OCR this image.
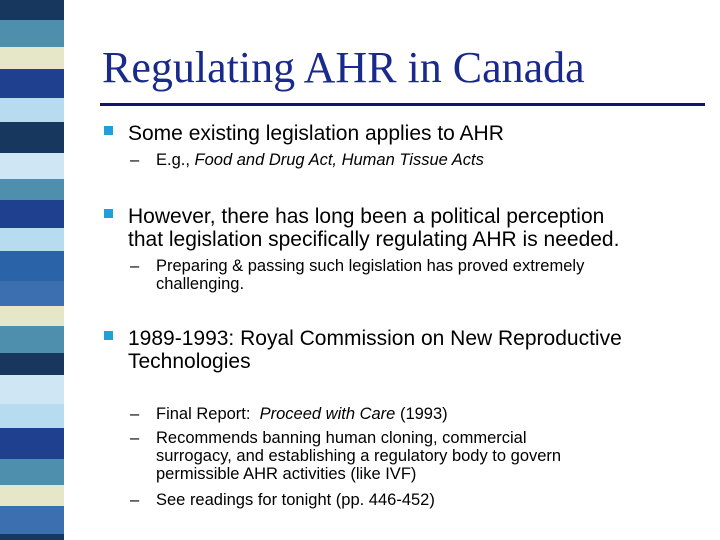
Regulating AHR in Canada
Some existing legislation applies to AHR
– E.g., Food and Drug Act, Human Tissue Acts
However, there has long been a political perception
that legislation specifically regulating AHR is needed.
– Preparing & passing such legislation has proved extremely
challenging.
1989-1993: Royal Commission on New Reproductive
Technologies
– Final Report:  Proceed with Care (1993)
– Recommends banning human cloning, commercial
surrogacy, and establishing a regulatory body to govern
permissible AHR activities (like IVF)
– See readings for tonight (pp. 446-452)
